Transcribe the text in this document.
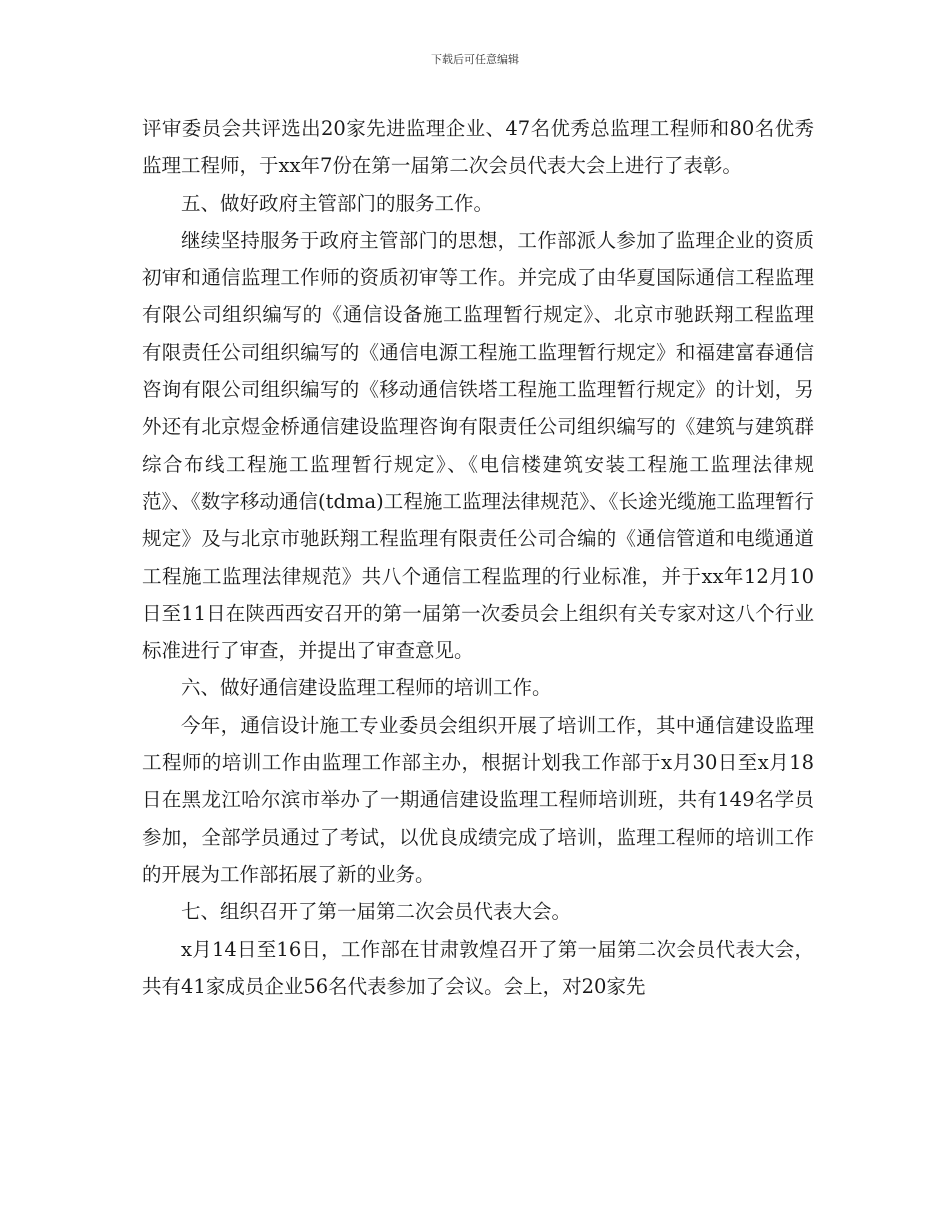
下载后可任意编辑

评审委员会共评选出20家先进监理企业、47名优秀总监理工程师和80名优秀监理工程师，于xx年7份在第一届第二次会员代表大会上进行了表彰。

五、做好政府主管部门的服务工作。

继续坚持服务于政府主管部门的思想，工作部派人参加了监理企业的资质初审和通信监理工作师的资质初审等工作。并完成了由华夏国际通信工程监理有限公司组织编写的《通信设备施工监理暂行规定》、北京市驰跃翔工程监理有限责任公司组织编写的《通信电源工程施工监理暂行规定》和福建富春通信咨询有限公司组织编写的《移动通信铁塔工程施工监理暂行规定》的计划，另外还有北京煜金桥通信建设监理咨询有限责任公司组织编写的《建筑与建筑群综合布线工程施工监理暂行规定》、《电信楼建筑安装工程施工监理法律规范》、《数字移动通信(tdma)工程施工监理法律规范》、《长途光缆施工监理暂行规定》及与北京市驰跃翔工程监理有限责任公司合编的《通信管道和电缆通道工程施工监理法律规范》共八个通信工程监理的行业标准，并于xx年12月10日至11日在陕西西安召开的第一届第一次委员会上组织有关专家对这八个行业标准进行了审查，并提出了审查意见。

六、做好通信建设监理工程师的培训工作。

今年，通信设计施工专业委员会组织开展了培训工作，其中通信建设监理工程师的培训工作由监理工作部主办，根据计划我工作部于x月30日至x月18日在黑龙江哈尔滨市举办了一期通信建设监理工程师培训班，共有149名学员参加，全部学员通过了考试，以优良成绩完成了培训，监理工程师的培训工作的开展为工作部拓展了新的业务。

七、组织召开了第一届第二次会员代表大会。

x月14日至16日，工作部在甘肃敦煌召开了第一届第二次会员代表大会，共有41家成员企业56名代表参加了会议。会上，对20家先
